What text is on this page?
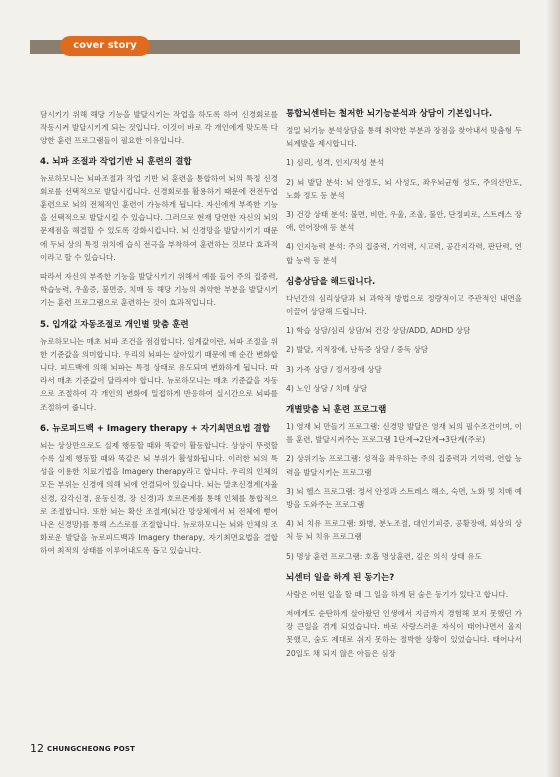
cover story

담시키기 위해 해당 기능을 발달시키는 작업을 하도록 하여 신경회로를 작동시켜 발달시키게 되는 것입니다. 이것이 바로 각 개인에게 맞도록 다양한 훈련 프로그램들이 필요한 이유입니다.

4. 뇌파 조절과 작업기반 뇌 훈련의 결합

뉴로하모니는 뇌파조절과 작업 기반 뇌 훈련을 통합하여 뇌의 특정 신경회로를 선택적으로 발달시킵니다. 신경회로를 활용하기 때문에 전전두엽 훈련으로 뇌의 전체적인 훈련이 가능하게 됩니다. 자신에게 부족한 기능을 선택적으로 발달시킬 수 있습니다. 그러므로 현재 당면한 자신의 뇌의 문제점을 해결할 수 있도록 강화시킵니다. 뇌 신경망을 발달시키기 때문에 두뇌 상의 특정 위치에 습식 전극을 부착하여 훈련하는 것보다 효과적이라고 할 수 있습니다.

따라서 자신의 부족한 기능을 발달시키기 위해서 예를 들어 주의 집중력, 학습능력, 우울증, 불면증, 치매 등 해당 기능의 취약한 부분을 발달시키기는 훈련 프로그램으로 훈련하는 것이 효과적입니다.

5. 입개값 자동조절로 개인별 맞춤 훈련

뉴로하모니는 매초 뇌파 조건을 점검합니다. 임계값이란, 뇌파 조절을 위한 기준값을 의미합니다. 우리의 뇌파는 살아있기 때문에 매 순간 변화합니다. 피드백에 의해 뇌파는 특정 상태로 유도되며 변화하게 됩니다. 따라서 매초 기준값이 달라져야 합니다. 뉴로하모니는 매초 기준값을 자동으로 조절하여 각 개인의 변화에 밀접하게 반응하여 실시간으로 뇌파를 조절하여 줍니다.

6. 뉴로피드백 + Imagery therapy + 자기최면요법 결합

뇌는 상상만으로도 실제 행동할 때와 똑같이 활동합니다. 상상이 뚜렷할수록 실제 행동할 때와 똑같은 뇌 부위가 활성화됩니다. 이러한 뇌의 특성을 이용한 치료기법을 Imagery therapy라고 합니다. 우리의 인체의 모든 부위는 신경에 의해 뇌에 연결되어 있습니다. 뇌는 말초신경계(자율신경, 감각신경, 운동신경, 장 신경)과 호르몬계를 통해 인체를 통합적으로 조절합니다. 또한 뇌는 확산 조절계(뇌간 망상체에서 뇌 전체에 뻗어 나온 신경망)를 통해 스스로를 조절합니다. 뉴로하모니는 뇌와 인체의 조화로운 발달을 뉴로피드백과 Imagery therapy, 자기최면요법을 결합하여 최적의 상태를 이루어내도록 돕고 있습니다.

통합뇌센터는 철저한 뇌기능분석과 상담이 기본입니다.

정밀 뇌기능 분석상담을 통해 취약한 부분과 장점을 찾아내서 맞춤형 두뇌계발을 제시합니다.

1) 심리, 성격, 인지/적성 분석

2) 뇌 발달 분석: 뇌 안정도, 뇌 사성도, 좌우뇌균형 성도, 주의산만도, 노화 정도 등 분석

3) 건강 상태 분석: 불면, 비만, 우울, 조울, 불안, 단정피로, 스트레스 장애, 언어장애 등 분석

4) 인지능력 분석: 주의 집중력, 기억력, 시고력, 공간지각력, 판단력, 연합 능력 등 분석

심층상담을 해드립니다.

다년간의 심리상담과 뇌 과학적 방법으로 정량적이고 주관적인 내면을 이끌어 상담해 드립니다.

1) 학습 상담/심리 상담/뇌 건강 상담/ADD, ADHD 상담

2) 발달, 지적장애, 난독증 상담 / 중독 상담

3) 가족 상담 / 정서장애 상담

4) 노인 상담 / 치매 상담

개별맞춤 뇌 훈련 프로그램

1) 영재 뇌 만들기 프로그램: 신경망 발달은 영재 뇌의 필수조건이며, 이를 훈련, 발달시켜주는 프로그램 1단계→2단계→3단계(주로)

2) 상위기능 프로그램: 성적을 좌우하는 주의 집중력과 기억력, 연합 능력을 발달시키는 프로그램

3) 뇌 헬스 프로그램: 정서 안정과 스트레스 해소, 숙면, 노화 및 치매 예방을 도와주는 프로그램

4) 뇌 치유 프로그램: 화병, 분노조절, 대인기피증, 공황장애, 외상의 상처 등 뇌 치유 프로그램

5) 명상 훈련 프로그램: 호흡 명상훈련, 깊은 의식 상태 유도

뇌센터 일을 하게 된 동기는?

사람은 어떤 일을 할 때 그 일을 하게 된 숨은 동기가 있다고 합니다.

저에게도 순탄하게 살아왔던 인생에서 지금까지 경험해 보지 못했던 가장 큰일을 겪게 되었습니다. 바로 사랑스러운 자식이 태어나면서 울지 못했고, 숨도 제대로 쉬지 못하는 절박한 상황이 있었습니다. 태어나서 20일도 채 되지 않은 아들은 심장

12 CHUNGCHEONG POST
